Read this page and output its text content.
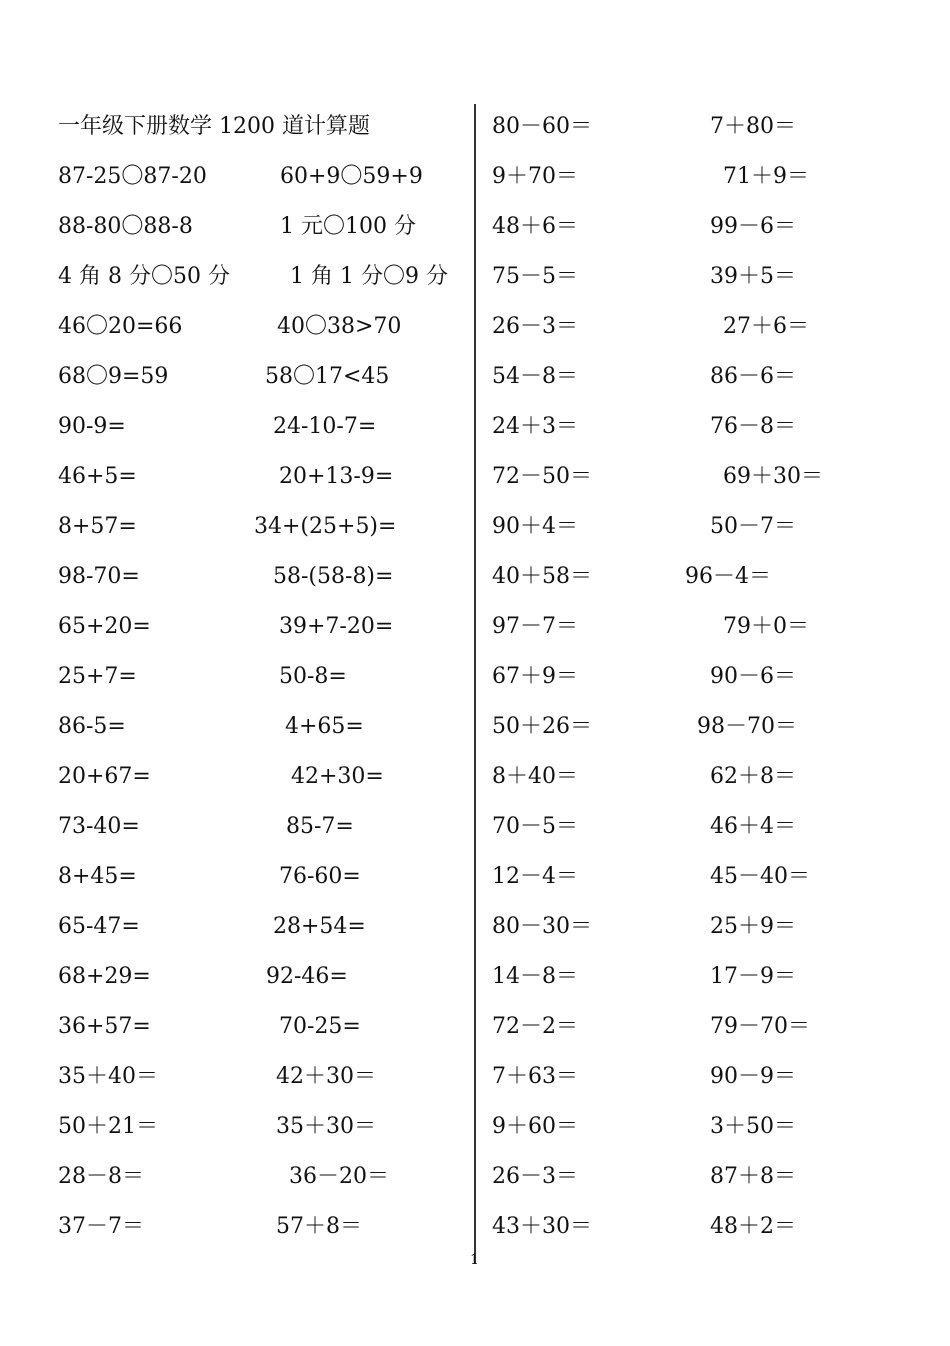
一年级下册数学 1200 道计算题
87-25〇87-20	60+9〇59+9
88-80〇88-8	1 元〇100 分
4 角 8 分〇50 分	1 角 1 分〇9 分
46〇20=66	40〇38>70
68〇9=59	58〇17<45
90-9=	24-10-7=
46+5=	20+13-9=
8+57=	34+(25+5)=
98-70=	58-(58-8)=
65+20=	39+7-20=
25+7=	50-8=
86-5=	4+65=
20+67=	42+30=
73-40=	85-7=
8+45=	76-60=
65-47=	28+54=
68+29=	92-46=
36+57=	70-25=
35＋40＝	42＋30＝
50＋21＝	35＋30＝
28－8＝	36－20＝
37－7＝	57＋8＝
80－60＝	7＋80＝
9＋70＝	71＋9＝
48＋6＝	99－6＝
75－5＝	39＋5＝
26－3＝	27＋6＝
54－8＝	86－6＝
24＋3＝	76－8＝
72－50＝	69＋30＝
90＋4＝	50－7＝
40＋58＝	96－4＝
97－7＝	79＋0＝
67＋9＝	90－6＝
50＋26＝	98－70＝
8＋40＝	62＋8＝
70－5＝	46＋4＝
12－4＝	45－40＝
80－30＝	25＋9＝
14－8＝	17－9＝
72－2＝	79－70＝
7＋63＝	90－9＝
9＋60＝	3＋50＝
26－3＝	87＋8＝
43＋30＝	48＋2＝
1
